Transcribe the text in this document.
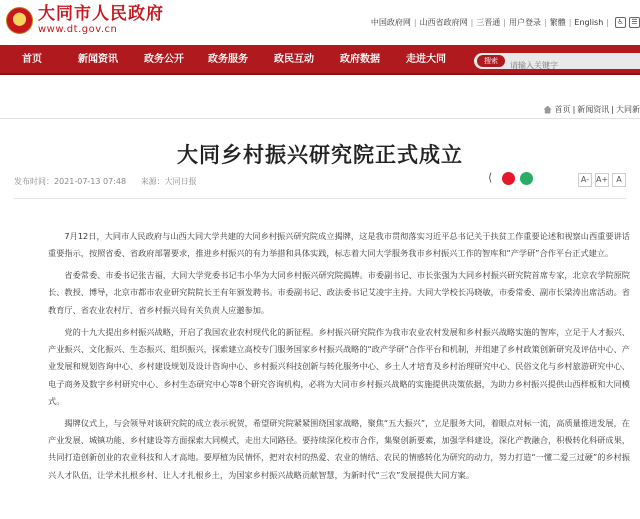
大同市人民政府
www.dt.gov.cn
中国政府网 | 山西省政府网 | 三晋通 | 用户登录 | 繁體 | English |	♿	☰
首页	新闻资讯	政务公开 政务服务	政民互动	政府数据	走进大同	搜索
请输入关键字
首页 | 新闻资讯 | 大同新
大同乡村振兴研究院正式成立
发布时间：2021-07-13 07:48 来源：大同日报
⟨	A- A+	A

7月12日，大同市人民政府与山西大同大学共建的大同乡村振兴研究院成立揭牌，这是我市贯彻落实习近平总书记关于扶贫工作重要论述和视察山西重要讲话重要指示，按照省委、省政府部署要求，推进乡村振兴的有力举措和具体实践，标志着大同大学服务我市乡村振兴工作的智库和“产学研”合作平台正式建立。

省委常委、市委书记张吉福，大同大学党委书记韦小华为大同乡村振兴研究院揭牌。市委副书记、市长张强为大同乡村振兴研究院首席专家，北京农学院原院长、教授、博导，北京市都市农业研究院院长王有年颁发聘书。市委副书记、政法委书记艾凌宇主持。大同大学校长冯晓敏，市委常委、副市长梁涛出席活动。省教育厅、省农业农村厅、省乡村振兴局有关负责人应邀参加。

党的十九大提出乡村振兴战略，开启了我国农业农村现代化的新征程。乡村振兴研究院作为我市农业农村发展和乡村振兴战略实施的智库，立足于人才振兴、产业振兴、文化振兴、生态振兴、组织振兴，探索建立高校专门服务国家乡村振兴战略的“政产学研”合作平台和机制，并组建了乡村政策创新研究及评估中心、产业发展和规划咨询中心、乡村建设规划及设计咨询中心、乡村振兴科技创新与转化服务中心、乡土人才培育及乡村治理研究中心、民俗文化与乡村旅游研究中心、电子商务及数字乡村研究中心、乡村生态研究中心等8个研究咨询机构，必将为大同市乡村振兴战略的实施提供决策依据，为助力乡村振兴提供山西样板和大同模式。

揭牌仪式上，与会领导对该研究院的成立表示祝贺，希望研究院紧紧围绕国家战略，聚焦“五大振兴”，立足服务大同，着眼点对标一流，高质量推进发展，在产业发展、城镇功能、乡村建设等方面探索大同模式，走出大同路径。要持续深化校市合作，集聚创新要素，加强学科建设，深化产教融合，积极转化科研成果，共同打造创新创业的农业科技和人才高地。要厚植为民情怀，把对农村的热爱、农业的情结、农民的情感转化为研究的动力，努力打造“一懂二爱三过硬”的乡村振兴人才队伍，让学术扎根乡村、让人才扎根乡土，为国家乡村振兴战略贡献智慧，为新时代“三农”发展提供大同方案。
